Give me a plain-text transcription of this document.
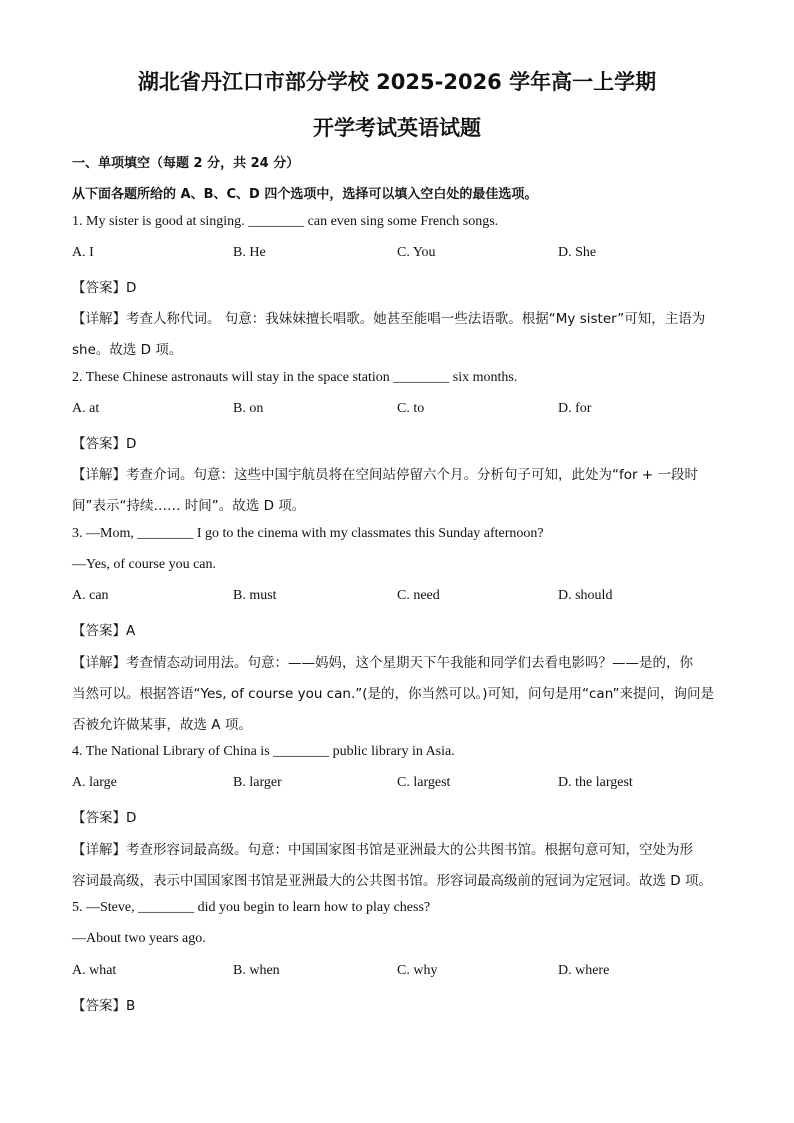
湖北省丹江口市部分学校 2025-2026 学年高一上学期
开学考试英语试题
一、单项填空（每题 2 分，共 24 分）
从下面各题所给的 A、B、C、D 四个选项中，选择可以填入空白处的最佳选项。
1. My sister is good at singing. ________ can even sing some French songs.
A. I	B. He	C. You	D. She
【答案】D
【详解】考查人称代词。 句意：我妹妹擅长唱歌。她甚至能唱一些法语歌。根据“My sister”可知，主语为
she。故选 D 项。
2. These Chinese astronauts will stay in the space station ________ six months.
A. at	B. on	C. to	D. for
【答案】D
【详解】考查介词。句意：这些中国宇航员将在空间站停留六个月。分析句子可知，此处为“for + 一段时
间”表示“持续…… 时间”。故选 D 项。
3. —Mom, ________ I go to the cinema with my classmates this Sunday afternoon?
—Yes, of course you can.
A. can	B. must	C. need	D. should
【答案】A
【详解】考查情态动词用法。句意：——妈妈，这个星期天下午我能和同学们去看电影吗？——是的，你
当然可以。根据答语“Yes, of course you can.”(是的，你当然可以。)可知，问句是用“can”来提问，询问是
否被允许做某事，故选 A 项。
4. The National Library of China is ________ public library in Asia.
A. large	B. larger	C. largest	D. the largest
【答案】D
【详解】考查形容词最高级。句意：中国国家图书馆是亚洲最大的公共图书馆。根据句意可知，空处为形
容词最高级，表示中国国家图书馆是亚洲最大的公共图书馆。形容词最高级前的冠词为定冠词。故选 D 项。
5. —Steve, ________ did you begin to learn how to play chess?
—About two years ago.
A. what	B. when	C. why	D. where
【答案】B
